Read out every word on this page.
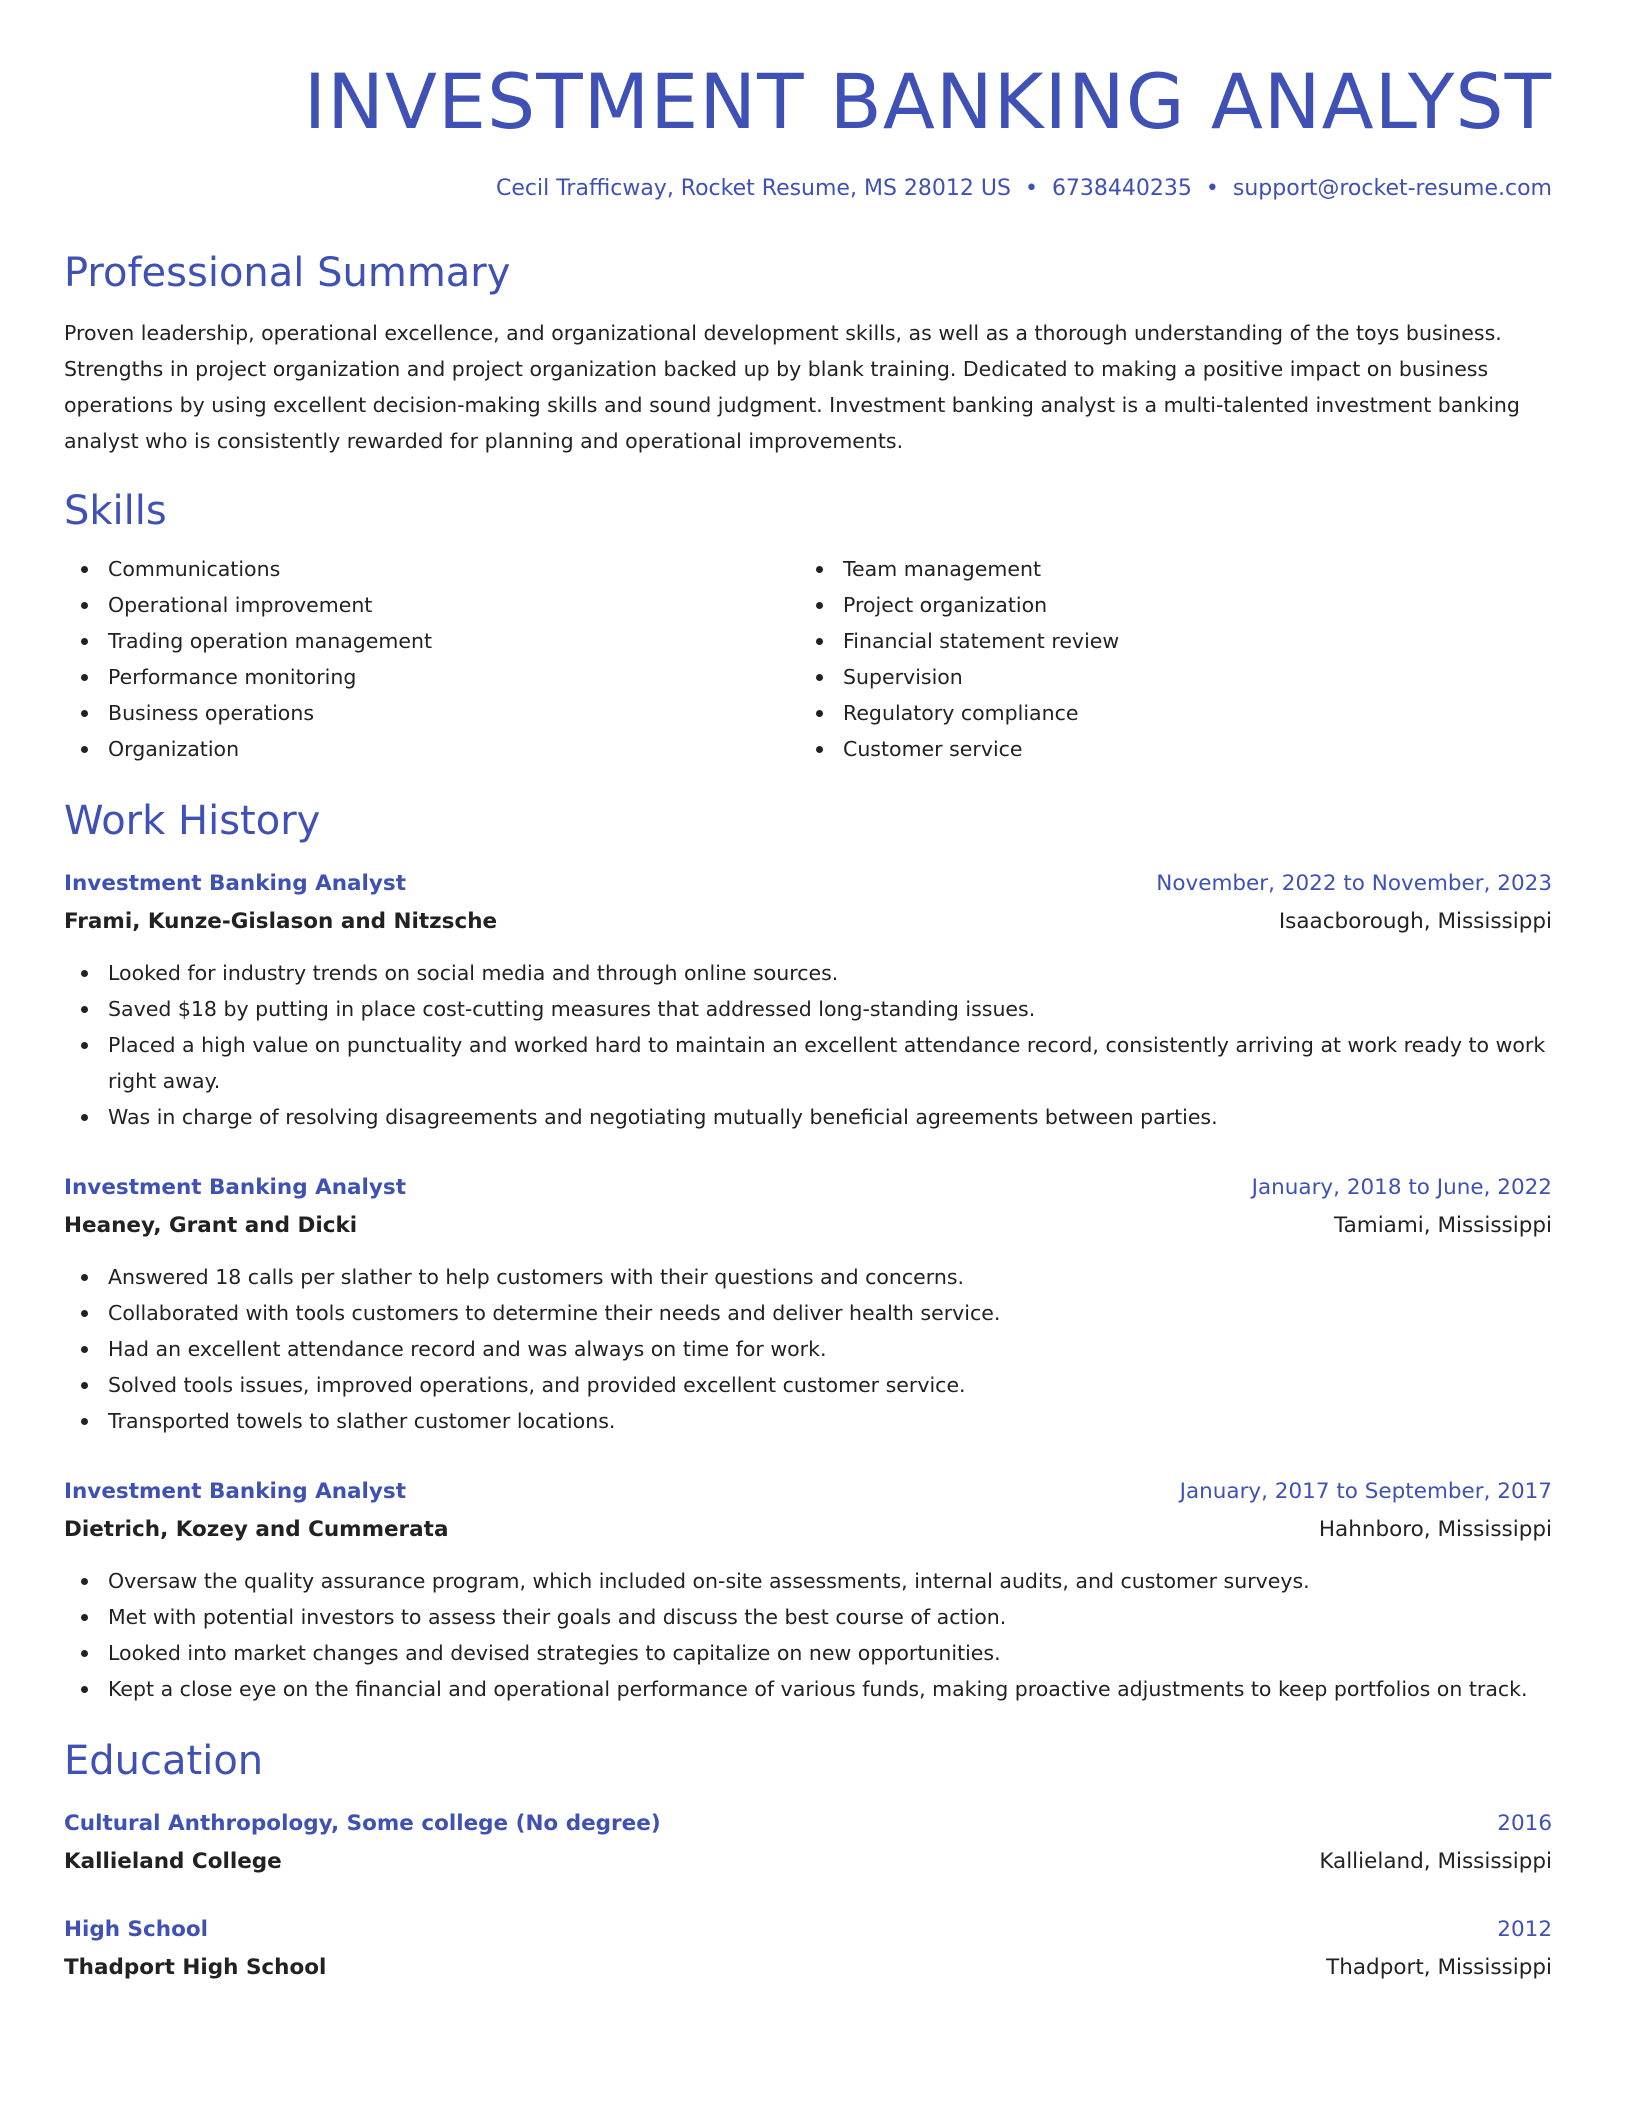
INVESTMENT BANKING ANALYST
Cecil Trafficway, Rocket Resume, MS 28012 US • 6738440235 • support@rocket-resume.com
Professional Summary

Proven leadership, operational excellence, and organizational development skills, as well as a thorough understanding of the toys business. Strengths in project organization and project organization backed up by blank training. Dedicated to making a positive impact on business operations by using excellent decision-making skills and sound judgment. Investment banking analyst is a multi-talented investment banking analyst who is consistently rewarded for planning and operational improvements.

Skills
Communications
Operational improvement
Trading operation management
Performance monitoring
Business operations
Organization
Team management
Project organization
Financial statement review
Supervision
Regulatory compliance
Customer service
Work History
Investment Banking Analyst	November, 2022 to November, 2023
Frami, Kunze-Gislason and Nitzsche	Isaacborough, Mississippi
Looked for industry trends on social media and through online sources.
Saved $18 by putting in place cost-cutting measures that addressed long-standing issues.
Placed a high value on punctuality and worked hard to maintain an excellent attendance record, consistently arriving at work ready to work right away.
Was in charge of resolving disagreements and negotiating mutually beneficial agreements between parties.
Investment Banking Analyst	January, 2018 to June, 2022
Heaney, Grant and Dicki	Tamiami, Mississippi
Answered 18 calls per slather to help customers with their questions and concerns.
Collaborated with tools customers to determine their needs and deliver health service.
Had an excellent attendance record and was always on time for work.
Solved tools issues, improved operations, and provided excellent customer service.
Transported towels to slather customer locations.
Investment Banking Analyst	January, 2017 to September, 2017
Dietrich, Kozey and Cummerata	Hahnboro, Mississippi
Oversaw the quality assurance program, which included on-site assessments, internal audits, and customer surveys.
Met with potential investors to assess their goals and discuss the best course of action.
Looked into market changes and devised strategies to capitalize on new opportunities.
Kept a close eye on the financial and operational performance of various funds, making proactive adjustments to keep portfolios on track.
Education
Cultural Anthropology, Some college (No degree)	2016
Kallieland College	Kallieland, Mississippi
High School	2012
Thadport High School	Thadport, Mississippi
